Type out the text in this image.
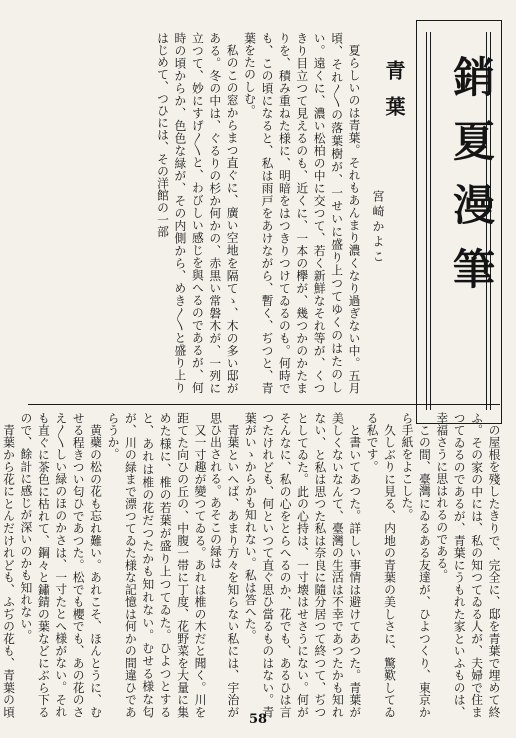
銷夏漫筆
青葉
宮崎かよこ

夏らしいのは青葉。それもあんまり濃くなり過ぎない中。五月頃、それ〳〵の落葉樹が、一せいに盛り上つてゆくのはたのしい。遠くに、濃い松柏の中に交つて、若く新鮮なそれ等が、くつきり目立つて見えるのも、近くに、一本の欅が、幾つかのかたまりを、積み重ねた様に、明暗をはつきりつけてゐるのも。何時でも、この頃になると、私は雨戸をあけながら、暫く、ぢつと、青葉をたのしむ。

私のこの窓からまつ直ぐに、廣い空地を隔てゝ、木の多い邸がある。冬の中は、ぐるりの杉か何かの、赤黒い常磐木が、一列に立つて、妙にすげ〳〵と、わびしい感じを與へるのであるが、何時の頃からか、色色な緑が、その内側から、めき〳〵と盛り上りはじめて、つひには、その洋館の一部

の屋根を殘したきりで、完全に、邸を青葉で埋めて終ふ。その家の中には、私の知つてゐる人が、夫婦で住まつてゐるのであるが、青葉にうもれた家といふものは、幸福さうに思はれるのである。

この間、臺灣にゐるある友達が、ひよつくり、東京から手紙をよこした。

久しぶりに見る、内地の青葉の美しさに、驚歎してゐる私です。

と書いてあつた。詳しい事情は避けてあつた。青葉が美しくないなんて、臺灣の生活は不幸であつたかも知れない、と私は思つた私は奈良に隨分居つて終つて、ぢつとしてゐた。此の心持は、一寸壊はせさうにない。何がそんなに、私の心をとらへるのか、花でも、あるひは言つたけれども、何といつて直ぐ思ひ當るものはない。青葉がいゝからかも知れない。私は答へた。

青葉といへば、あまり方々を知らない私には、宇治が思ひ出される。あそこの緑は

又一寸趣が變つてゐる。あれは椎の木だと聞く。川を距てた向ひの丘の、中腹一帯に丁度、花野菜を大量に集めた様に、椎の若葉が盛り上つてゐた。ひよつとすると、あれは椎の花だつたかも知れない。むせる様な匂が、川の緑まで漂つてゐた様な記憶は何かの間違ひであらうか。

黄蘗の松の花も忘れ難い。あれこそ、ほんとうに、むせる程きつい匂ひであつた。松でも櫻でも、あの花のさえ〳〵しい緑のほのかさは、一寸たとへ様がない。それも直ぐに茶色に枯れて、鋼々と鏽錆の葉などにぶら下るので、餘計に感じが深いのかも知れない。

青葉から花にとんだけれども、ふぢの花も、青葉の頃

58
